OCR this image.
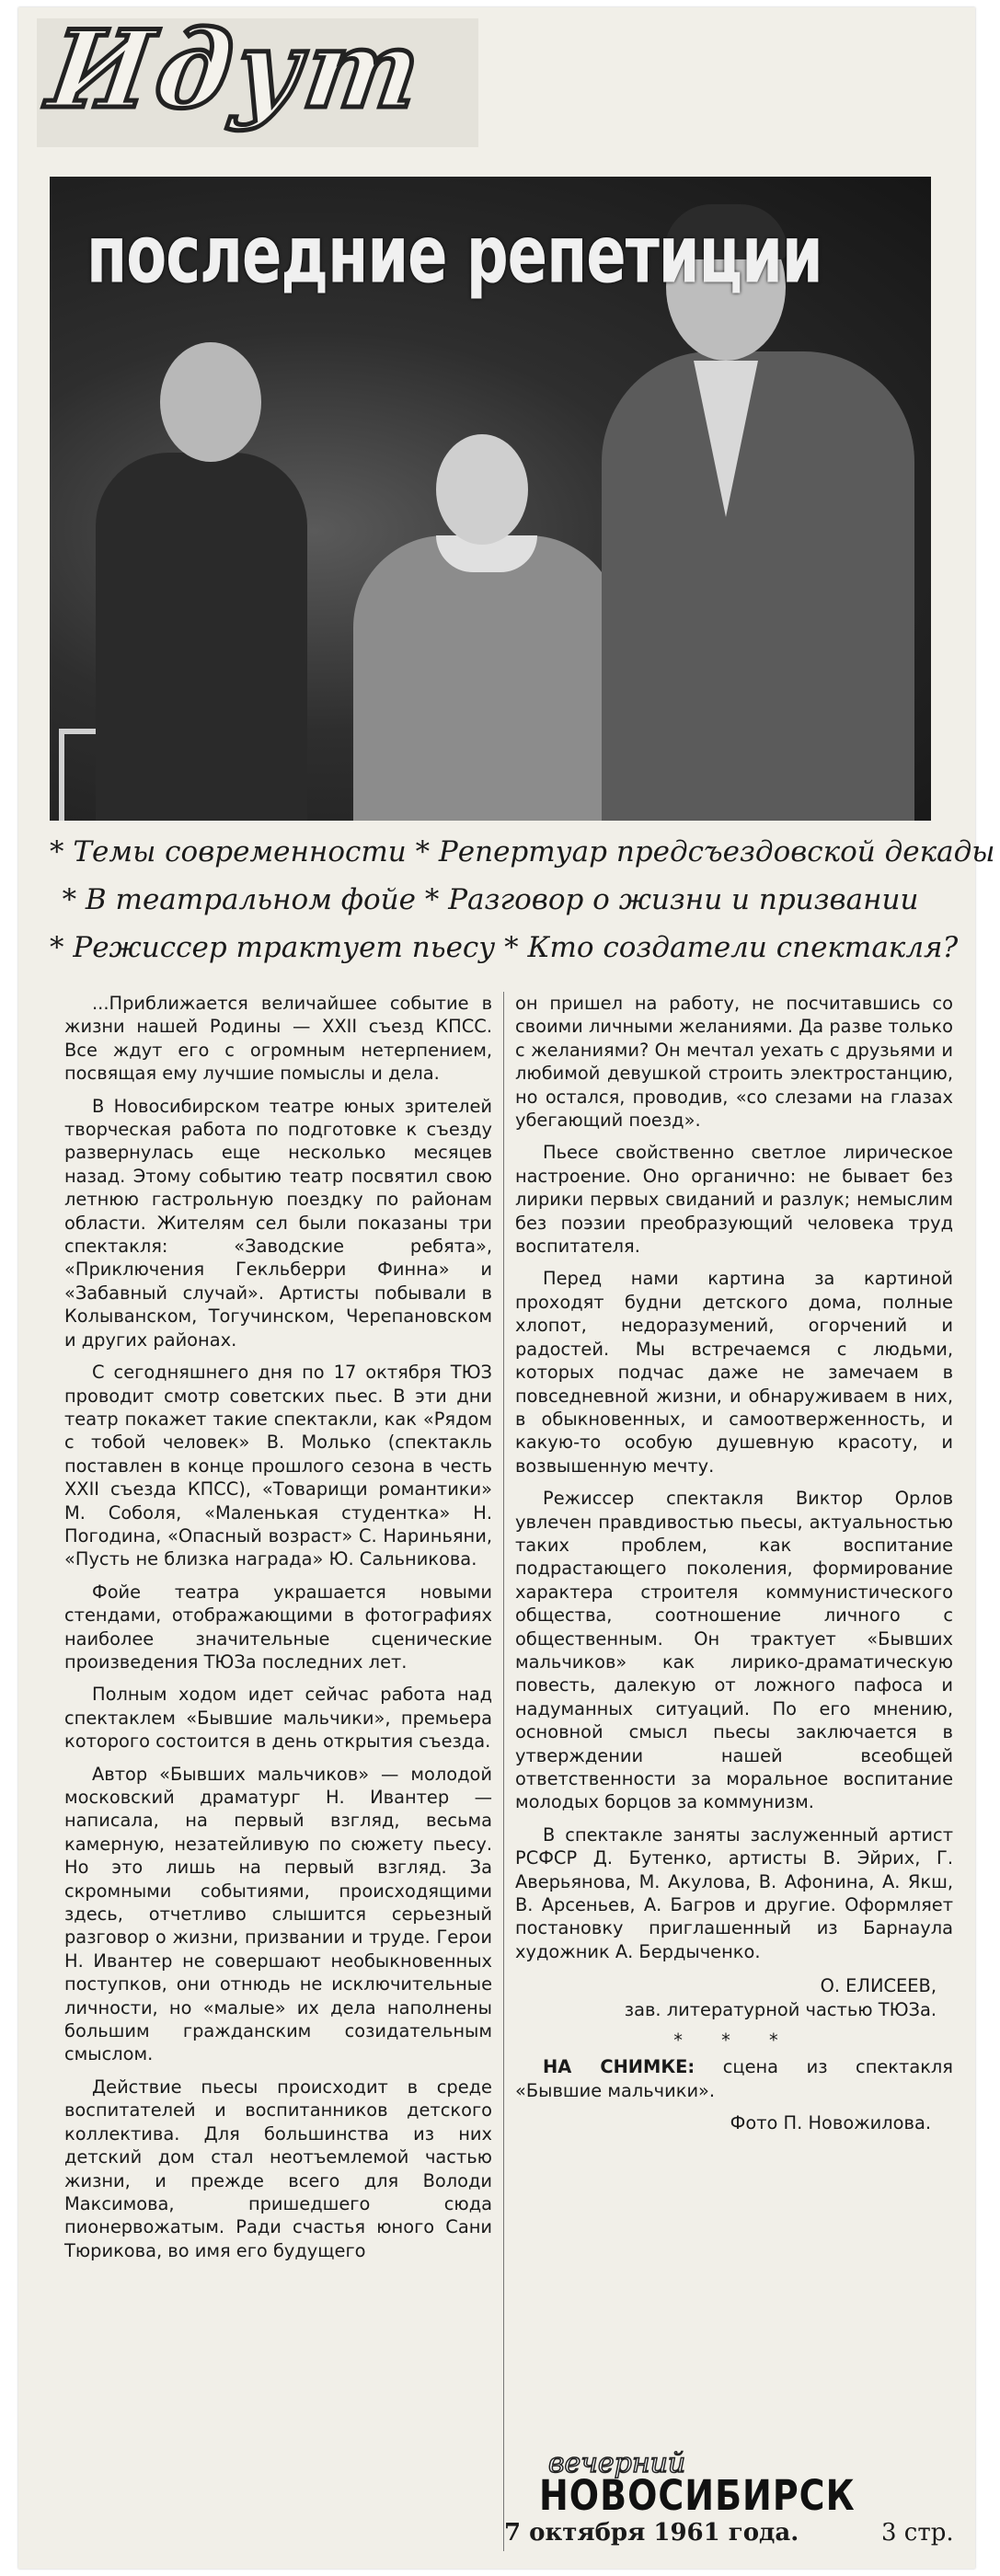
Идут
последние репетиции
* Темы современности * Репертуар предсъездовской декады
* В театральном фойе * Разговор о жизни и призвании
* Режиссер трактует пьесу * Кто создатели спектакля?

...Приближается величайшее событие в жизни нашей Родины — XXII съезд КПСС. Все ждут его с огромным нетерпением, посвящая ему лучшие помыслы и дела.

В Новосибирском театре юных зрителей творческая работа по подготовке к съезду развернулась еще несколько месяцев назад. Этому событию театр посвятил свою летнюю гастрольную поездку по районам области. Жителям сел были показаны три спектакля: «Заводские ребята», «Приключения Гекльберри Финна» и «Забавный случай». Артисты побывали в Колыванском, Тогучинском, Черепановском и других районах.

С сегодняшнего дня по 17 октября ТЮЗ проводит смотр советских пьес. В эти дни театр покажет такие спектакли, как «Рядом с тобой человек» В. Молько (спектакль поставлен в конце прошлого сезона в честь XXII съезда КПСС), «Товарищи романтики» М. Соболя, «Маленькая студентка» Н. Погодина, «Опасный возраст» С. Нариньяни, «Пусть не близка награда» Ю. Сальникова.

Фойе театра украшается новыми стендами, отображающими в фотографиях наиболее значительные сценические произведения ТЮЗа последних лет.

Полным ходом идет сейчас работа над спектаклем «Бывшие мальчики», премьера которого состоится в день открытия съезда.

Автор «Бывших мальчиков» — молодой московский драматург Н. Ивантер — написала, на первый взгляд, весьма камерную, незатейливую по сюжету пьесу. Но это лишь на первый взгляд. За скромными событиями, происходящими здесь, отчетливо слышится серьезный разговор о жизни, призвании и труде. Герои Н. Ивантер не совершают необыкновенных поступков, они отнюдь не исключительные личности, но «малые» их дела наполнены большим гражданским созидательным смыслом.

Действие пьесы происходит в среде воспитателей и воспитанников детского коллектива. Для большинства из них детский дом стал неотъемлемой частью жизни, и прежде всего для Володи Максимова, пришедшего сюда пионервожатым. Ради счастья юного Сани Тюрикова, во имя его будущего

он пришел на работу, не посчитавшись со своими личными желаниями. Да разве только с желаниями? Он мечтал уехать с друзьями и любимой девушкой строить электростанцию, но остался, проводив, «со слезами на глазах убегающий поезд».

Пьесе свойственно светлое лирическое настроение. Оно органично: не бывает без лирики первых свиданий и разлук; немыслим без поэзии преобразующий человека труд воспитателя.

Перед нами картина за картиной проходят будни детского дома, полные хлопот, недоразумений, огорчений и радостей. Мы встречаемся с людьми, которых подчас даже не замечаем в повседневной жизни, и обнаруживаем в них, в обыкновенных, и самоотверженность, и какую-то особую душевную красоту, и возвышенную мечту.

Режиссер спектакля Виктор Орлов увлечен правдивостью пьесы, актуальностью таких проблем, как воспитание подрастающего поколения, формирование характера строителя коммунистического общества, соотношение личного с общественным. Он трактует «Бывших мальчиков» как лирико-драматическую повесть, далекую от ложного пафоса и надуманных ситуаций. По его мнению, основной смысл пьесы заключается в утверждении нашей всеобщей ответственности за моральное воспитание молодых борцов за коммунизм.

В спектакле заняты заслуженный артист РСФСР Д. Бутенко, артисты В. Эйрих, Г. Аверьянова, М. Акулова, В. Афонина, А. Якш, В. Арсеньев, А. Багров и другие. Оформляет постановку приглашенный из Барнаула художник А. Бердыченко.

О. ЕЛИСЕЕВ,

зав. литературной частью ТЮЗа.

* * *

НА СНИМКЕ: сцена из спектакля «Бывшие мальчики».

Фото П. Новожилова.

вечерний
НОВОСИБИРСК
7 октября 1961 года.	3 стр.
